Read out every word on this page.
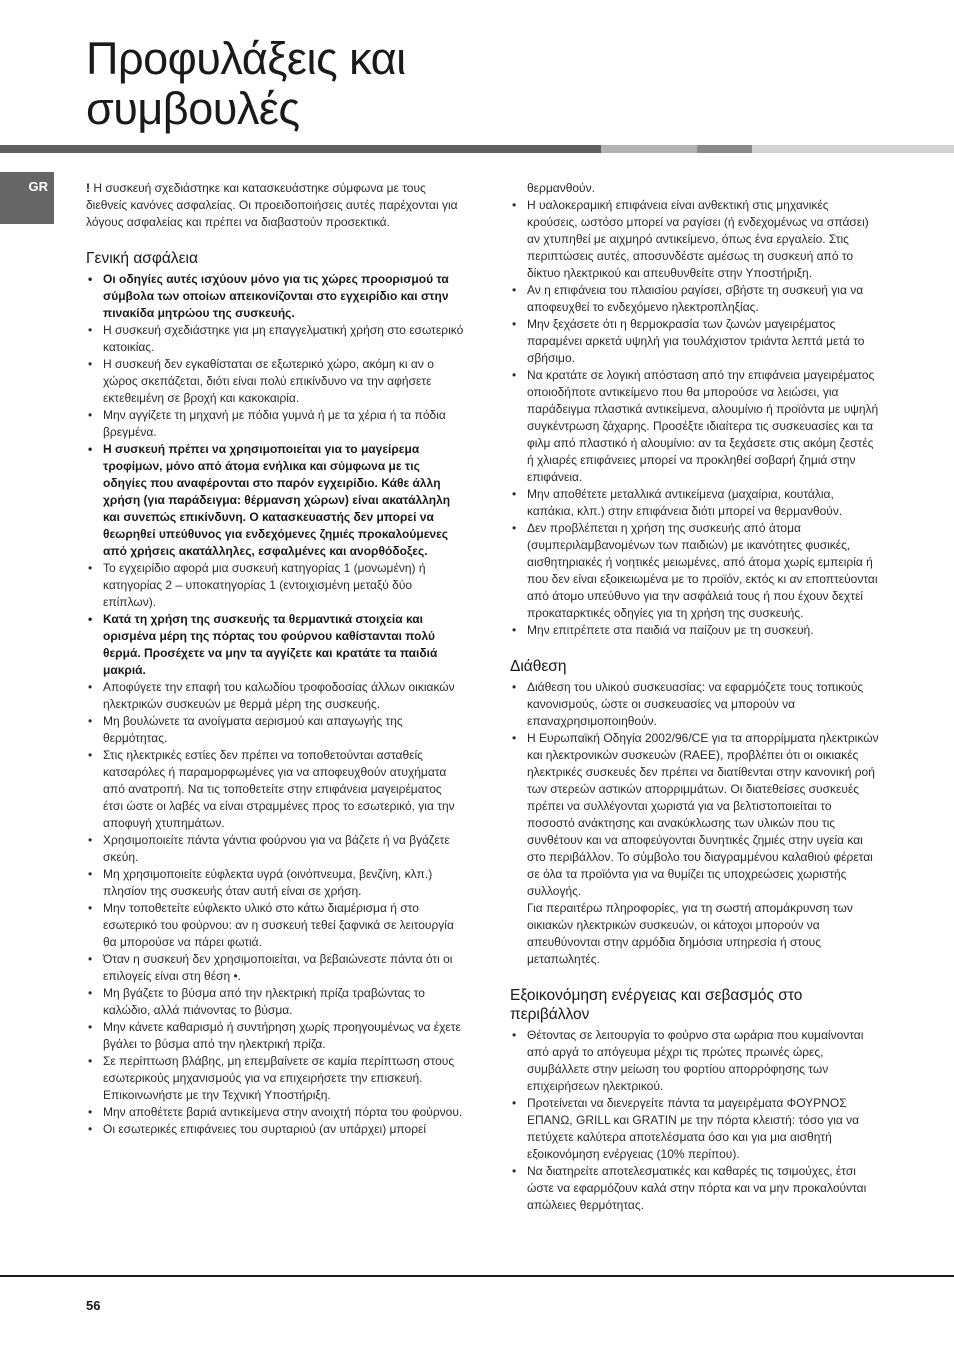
Προφυλάξεις και
συμβουλές
GR	! Η συσκευή σχεδιάστηκε και κατασκευάστηκε σύμφωνα με τους διεθνείς κανόνες ασφαλείας. Οι προειδοποιήσεις αυτές παρέχονται για λόγους ασφαλείας και πρέπει να διαβαστούν προσεκτικά.

Γενική ασφάλεια
• Οι οδηγίες αυτές ισχύουν μόνο για τις χώρες προορισμού τα σύμβολα των οποίων απεικονίζονται στο εγχειρίδιο και στην πινακίδα μητρώου της συσκευής.
• Η συσκευή σχεδιάστηκε για μη επαγγελματική χρήση στο εσωτερικό κατοικίας.
• Η συσκευή δεν εγκαθίσταται σε εξωτερικό χώρο, ακόμη κι αν ο χώρος σκεπάζεται, διότι είναι πολύ επικίνδυνο να την αφήσετε εκτεθειμένη σε βροχή και κακοκαιρία.
• Μην αγγίζετε τη μηχανή με πόδια γυμνά ή με τα χέρια ή τα πόδια βρεγμένα.
• Η συσκευή πρέπει να χρησιμοποιείται για το μαγείρεμα τροφίμων, μόνο από άτομα ενήλικα και σύμφωνα με τις οδηγίες που αναφέρονται στο παρόν εγχειρίδιο. Κάθε άλλη χρήση (για παράδειγμα: θέρμανση χώρων) είναι ακατάλληλη και συνεπώς επικίνδυνη. Ο κατασκευαστής δεν μπορεί να θεωρηθεί υπεύθυνος για ενδεχόμενες ζημιές προκαλούμενες από χρήσεις ακατάλληλες, εσφαλμένες και ανορθόδοξες.
• Το εγχειρίδιο αφορά μια συσκευή κατηγορίας 1 (μονωμένη) ή κατηγορίας 2 – υποκατηγορίας 1 (εντοιχισμένη μεταξύ δύο επίπλων).
• Κατά τη χρήση της συσκευής τα θερμαντικά στοιχεία και ορισμένα μέρη της πόρτας του φούρνου καθίστανται πολύ θερμά. Προσέχετε να μην τα αγγίζετε και κρατάτε τα παιδιά μακριά.
• Αποφύγετε την επαφή του καλωδίου τροφοδοσίας άλλων οικιακών ηλεκτρικών συσκευών με θερμά μέρη της συσκευής.
• Μη βουλώνετε τα ανοίγματα αερισμού και απαγωγής της θερμότητας.
• Στις ηλεκτρικές εστίες δεν πρέπει να τοποθετούνται ασταθείς κατσαρόλες ή παραμορφωμένες για να αποφευχθούν ατυχήματα από ανατροπή. Να τις τοποθετείτε στην επιφάνεια μαγειρέματος έτσι ώστε οι λαβές να είναι στραμμένες προς το εσωτερικό, για την αποφυγή χτυπημάτων.
• Χρησιμοποιείτε πάντα γάντια φούρνου για να βάζετε ή να βγάζετε σκεύη.
• Μη χρησιμοποιείτε εύφλεκτα υγρά (οινόπνευμα, βενζίνη, κλπ.) πλησίον της συσκευής όταν αυτή είναι σε χρήση.
• Μην τοποθετείτε εύφλεκτο υλικό στο κάτω διαμέρισμα ή στο εσωτερικό του φούρνου: αν η συσκευή τεθεί ξαφνικά σε λειτουργία θα μπορούσε να πάρει φωτιά.
• Όταν η συσκευή δεν χρησιμοποιείται, να βεβαιώνεστε πάντα ότι οι επιλογείς είναι στη θέση •.
• Μη βγάζετε το βύσμα από την ηλεκτρική πρίζα τραβώντας το καλώδιο, αλλά πιάνοντας το βύσμα.
• Μην κάνετε καθαρισμό ή συντήρηση χωρίς προηγουμένως να έχετε βγάλει το βύσμα από την ηλεκτρική πρίζα.
• Σε περίπτωση βλάβης, μη επεμβαίνετε σε καμία περίπτωση στους εσωτερικούς μηχανισμούς για να επιχειρήσετε την επισκευή. Επικοινωνήστε με την Τεχνική Υποστήριξη.
• Μην αποθέτετε βαριά αντικείμενα στην ανοιχτή πόρτα του φούρνου.
• Οι εσωτερικές επιφάνειες του συρταριού (αν υπάρχει) μπορεί
θερμανθούν.
• Η υαλοκεραμική επιφάνεια είναι ανθεκτική στις μηχανικές κρούσεις, ωστόσο μπορεί να ραγίσει (ή ενδεχομένως να σπάσει) αν χτυπηθεί με αιχμηρό αντικείμενο, όπως ένα εργαλείο. Στις περιπτώσεις αυτές, αποσυνδέστε αμέσως τη συσκευή από το δίκτυο ηλεκτρικού και απευθυνθείτε στην Υποστήριξη.
• Αν η επιφάνεια του πλαισίου ραγίσει, σβήστε τη συσκευή για να αποφευχθεί το ενδεχόμενο ηλεκτροπληξίας.
• Μην ξεχάσετε ότι η θερμοκρασία των ζωνών μαγειρέματος παραμένει αρκετά υψηλή για τουλάχιστον τριάντα λεπτά μετά το σβήσιμο.
• Να κρατάτε σε λογική απόσταση από την επιφάνεια μαγειρέματος οποιοδήποτε αντικείμενο που θα μπορούσε να λειώσει, για παράδειγμα πλαστικά αντικείμενα, αλουμίνιο ή προϊόντα με υψηλή συγκέντρωση ζάχαρης. Προσέξτε ιδιαίτερα τις συσκευασίες και τα φιλμ από πλαστικό ή αλουμίνιο: αν τα ξεχάσετε στις ακόμη ζεστές ή χλιαρές επιφάνειες μπορεί να προκληθεί σοβαρή ζημιά στην επιφάνεια.
• Μην αποθέτετε μεταλλικά αντικείμενα (μαχαίρια, κουτάλια, καπάκια, κλπ.) στην επιφάνεια διότι μπορεί να θερμανθούν.
• Δεν προβλέπεται η χρήση της συσκευής από άτομα (συμπεριλαμβανομένων των παιδιών) με ικανότητες φυσικές, αισθητηριακές ή νοητικές μειωμένες, από άτομα χωρίς εμπειρία ή που δεν είναι εξοικειωμένα με το προϊόν, εκτός κι αν εποπτεύονται από άτομο υπεύθυνο για την ασφάλειά τους ή που έχουν δεχτεί προκαταρκτικές οδηγίες για τη χρήση της συσκευής.
• Μην επιτρέπετε στα παιδιά να παίζουν με τη συσκευή.
Διάθεση
• Διάθεση του υλικού συσκευασίας: να εφαρμόζετε τους τοπικούς κανονισμούς, ώστε οι συσκευασίες να μπορούν να επαναχρησιμοποιηθούν.
• Η Ευρωπαϊκή Οδηγία 2002/96/CE για τα απορρίμματα ηλεκτρικών και ηλεκτρονικών συσκευών (RAEE), προβλέπει ότι οι οικιακές ηλεκτρικές συσκευές δεν πρέπει να διατίθενται στην κανονική ροή των στερεών αστικών απορριμμάτων. Οι διατεθείσες συσκευές πρέπει να συλλέγονται χωριστά για να βελτιστοποιείται το ποσοστό ανάκτησης και ανακύκλωσης των υλικών που τις συνθέτουν και να αποφεύγονται δυνητικές ζημιές στην υγεία και στο περιβάλλον. Το σύμβολο του διαγραμμένου καλαθιού φέρεται σε όλα τα προϊόντα για να θυμίζει τις υποχρεώσεις χωριστής συλλογής.
Για περαιτέρω πληροφορίες, για τη σωστή απομάκρυνση των οικιακών ηλεκτρικών συσκευών, οι κάτοχοι μπορούν να απευθύνονται στην αρμόδια δημόσια υπηρεσία ή στους μεταπωλητές.
Εξοικονόμηση ενέργειας και σεβασμός στο περιβάλλον
• Θέτοντας σε λειτουργία το φούρνο στα ωράρια που κυμαίνονται από αργά το απόγευμα μέχρι τις πρώτες πρωινές ώρες, συμβάλλετε στην μείωση του φορτίου απορρόφησης των επιχειρήσεων ηλεκτρικού.
• Προτείνεται να διενεργείτε πάντα τα μαγειρέματα ΦΟΥΡΝΟΣ ΕΠΑΝΩ, GRILL και GRATIN με την πόρτα κλειστή: τόσο για να πετύχετε καλύτερα αποτελέσματα όσο και για μια αισθητή εξοικονόμηση ενέργειας (10% περίπου).
• Να διατηρείτε αποτελεσματικές και καθαρές τις τσιμούχες, έτσι ώστε να εφαρμόζουν καλά στην πόρτα και να μην προκαλούνται απώλειες θερμότητας.
56
